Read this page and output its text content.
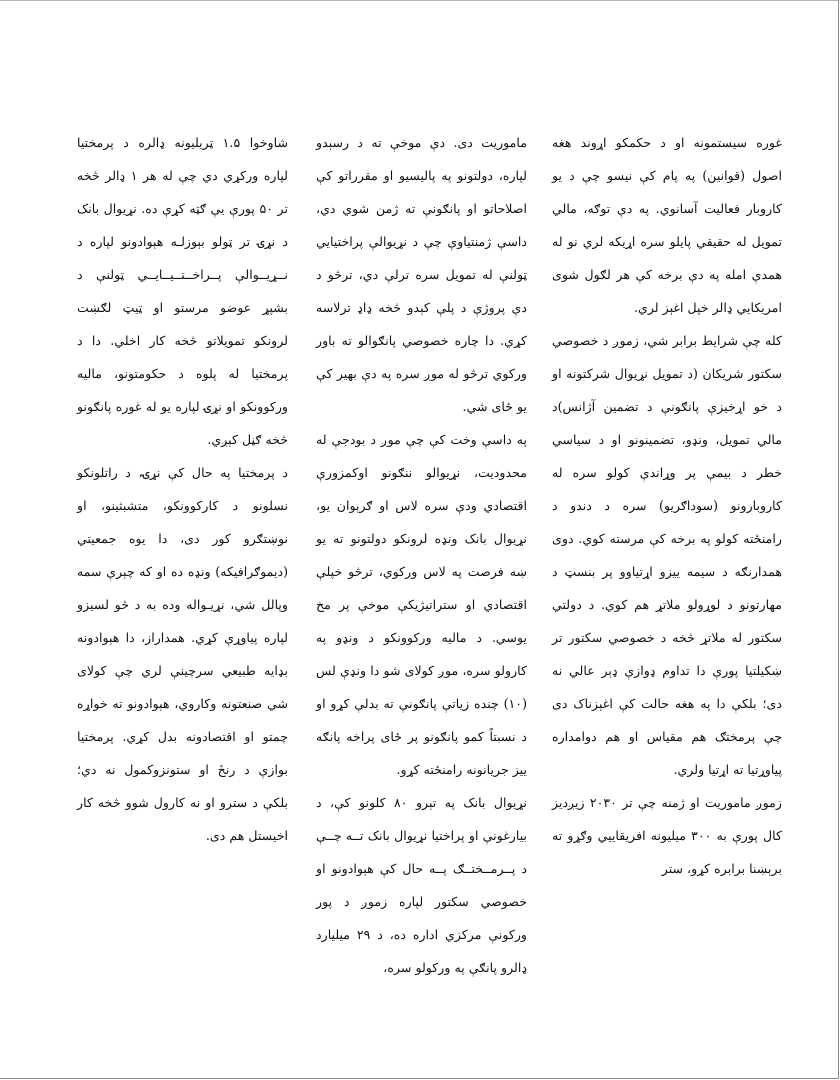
غوره سیستمونه او د حکمکو اړوند هغه اصول (قوانین) په پام کې نیسو چې د یو کاروبار فعالیت آسانوي. په دې توګه، مالي تمویل له حقیقي پایلو سره اړیکه لري نو له همدې امله په دې برخه کې هر لګول شوی امریکایي ډالر خپل اغېز لري.

کله چې شرایط برابر شي، زموږ د خصوصي سکتور شریکان (د تمویل نړیوال شرکتونه او د خو اړخیزې پانګونې د تضمین آژانس)د مالي تمویل، ونډو، تضمینونو او د سیاسي خطر د بیمې پر وړاندې کولو سره له کاروبارونو (سوداګریو) سره د دندو د رامنځته کولو په برخه کې مرسته کوي. دوی همدارنګه د سیمه ییزو اړتیاوو پر بنسټ د مهارتونو د لوړولو ملاتړ هم کوي. د دولتي سکتور له ملاتړ څخه د خصوصي سکتور تر ښکیلتیا پورې دا تداوم ډوازې ډېر عالي نه دی؛ بلکې دا په هغه حالت کې اغېزناک دی چې پرمختګ هم مقیاس او هم دوامداره پیاوړتیا ته اړتیا ولري.

زموږ ماموریت او ژمنه چې تر ۲۰۳۰ زیږدیز کال پورې به ۳۰۰ میلیونه افریقاییي وګړو ته برېښنا برابره کړو، ستر

ماموریت دی. دې موخې ته د رسېدو لپاره، دولتونو په پالیسیو او مقرراتو کې اصلاحاتو او پانګونې ته ژمن شوي دي، داسې ژمنتیاوې چې د نړیوالې پراختیایي ټولنې له تمویل سره ترلې دي، ترڅو د دې پروژې د پلې کېدو څخه ډاډ ترلاسه کړي. دا چاره خصوصي پانګوالو ته باور ورکوي ترڅو له موږ سره په دې بهیر کې یو ځای شي.

په داسې وخت کې چې موږ د بودجې له محدودیت، نړیوالو ننګونو اوکمزورې اقتصادي ودې سره لاس او ګرېوان یو، نړیوال بانک ونډه لرونکو دولتونو ته یو ښه فرصت په لاس ورکوي، ترڅو خپلې اقتصادي او ستراتیژیکې موخې پر مخ یوسي. د مالیه ورکوونکو د ونډو په کارولو سره، موږ کولای شو دا ونډې لس (۱۰) چنده زیاتې پانګونې ته بدلې کړو او د نسبتاً کمو پانګونو پر ځای پراخه پانګه ییز جریانونه رامنځته کړو.

نړیوال بانک په تېرو ۸۰ کلونو کې، د بیارغونې او پراختیا نړیوال بانک تــه چــې د پــرمــختــګ پــه حال کې هېوادونو او خصوصي سکتور لپاره زموږ د پور ورکونې مرکزي اداره ده، د ۲۹ میلیارد ډالرو پانګې په ورکولو سره،

شاوخوا ۱.۵ ټریلیونه ډالره د پرمختیا لپاره ورکړي دي چې له هر ۱ ډالر څخه تر ۵۰ پورې یې ګټه کړې ده. نړیوال بانک د نړۍ تر ټولو بېوزلـه هېوادونو لپاره د نــړیــوالې پــراخــتــیــایــي ټولنې د بشپړ عوضو مرستو او ټیټ لګښت لرونکو تمویلاتو څخه کار اخلي. دا د پرمختیا له پلوه د حکومتونو، مالیه ورکوونکو او نړۍ لپاره یو له غوره پانګونو څخه ګڼل کېږي.

د پرمختیا په حال کې نړۍ، د راتلونکو نسلونو د کارکوونکو، متشبثینو، او نوښتګرو کور دی، دا یوه جمعیتي (دیموګرافیکه) ونډه ده او که چېرې سمه وپالل شي، نړیـواله وده به د څو لسیزو لپاره پیاوړې کړي. همداراز، دا هېوادونه بډایه طبیعي سرچینې لري چې کولای شي صنعتونه وکاروي، هېوادونو ته خواړه چمتو او اقتصادونه بدل کړي. پرمختیا بوازې د رنځ او ستونزوکمول نه دي؛ بلکې د سترو او نه کارول شوو څخه کار اخیستل هم دی.
